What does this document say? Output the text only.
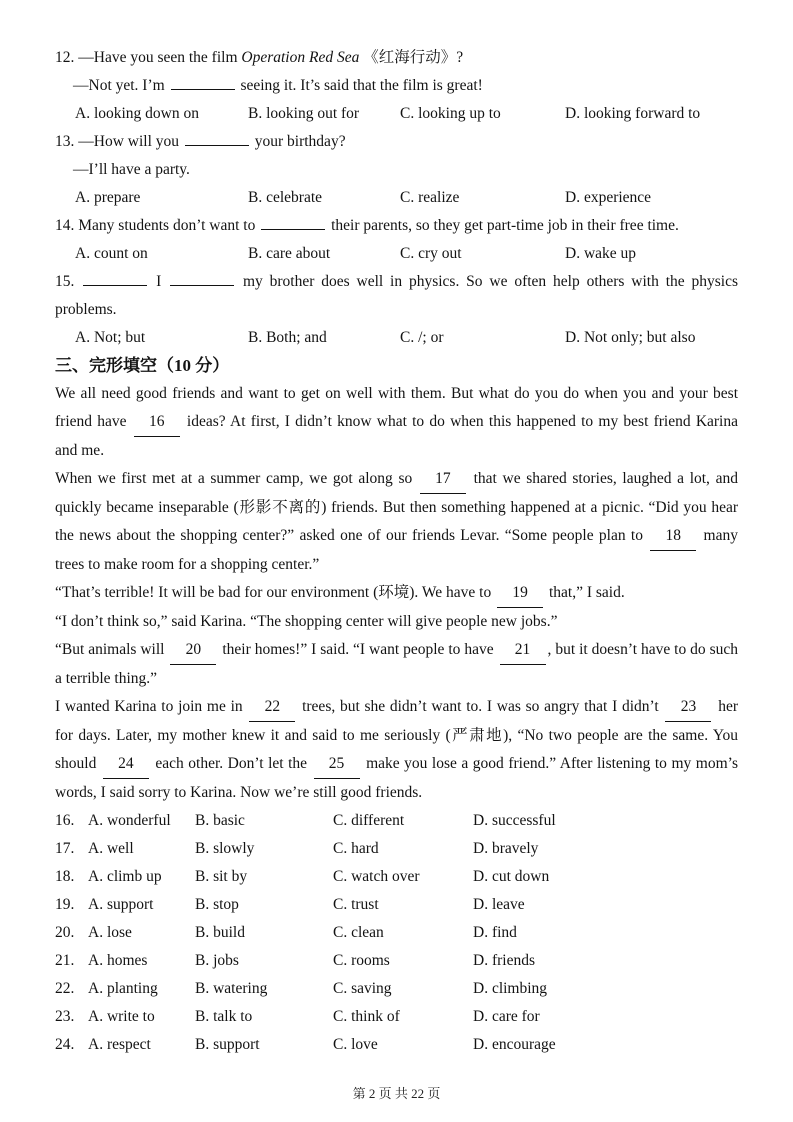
12. —Have you seen the film Operation Red Sea 《红海行动》?

—Not yet. I’m	seeing it. It’s said that the film is great!

A. looking down on	B. looking out for	C. looking up to	D. looking forward to

13. —How will you	your birthday?

—I’ll have a party.

A. prepare	B. celebrate	C. realize	D. experience

14. Many students don’t want to	their parents, so they get part-time job in their free time.

A. count on	B. care about	C. cry out	D. wake up

15.	I	my brother does well in physics. So we often help others with the physics problems.

A. Not; but	B. Both; and	C. /; or	D. Not only; but also

三、完形填空（10 分）

We all need good friends and want to get on well with them. But what do you do when you and your best friend have 16 ideas? At first, I didn’t know what to do when this happened to my best friend Karina and me.

When we first met at a summer camp, we got along so 17 that we shared stories, laughed a lot, and quickly became inseparable (形影不离的) friends. But then something happened at a picnic. “Did you hear the news about the shopping center?” asked one of our friends Levar. “Some people plan to 18 many trees to make room for a shopping center.”

“That’s terrible! It will be bad for our environment (环境). We have to 19 that,” I said.

“I don’t think so,” said Karina. “The shopping center will give people new jobs.”

“But animals will 20 their homes!” I said. “I want people to have 21 , but it doesn’t have to do such a terrible thing.”

I wanted Karina to join me in 22 trees, but she didn’t want to. I was so angry that I didn’t 23 her for days. Later, my mother knew it and said to me seriously (严肃地), “No two people are the same. You should 24 each other. Don’t let the 25 make you lose a good friend.” After listening to my mom’s words, I said sorry to Karina. Now we’re still good friends.

16. A. wonderful	B. basic	C. different	D. successful
17. A. well	B. slowly	C. hard	D. bravely
18. A. climb up	B. sit by	C. watch over	D. cut down
19. A. support	B. stop	C. trust	D. leave
20. A. lose	B. build	C. clean	D. find
21. A. homes	B. jobs	C. rooms	D. friends
22. A. planting	B. watering	C. saving	D. climbing
23. A. write to	B. talk to	C. think of	D. care for
24. A. respect	B. support	C. love	D. encourage
第 2 页 共 22 页
